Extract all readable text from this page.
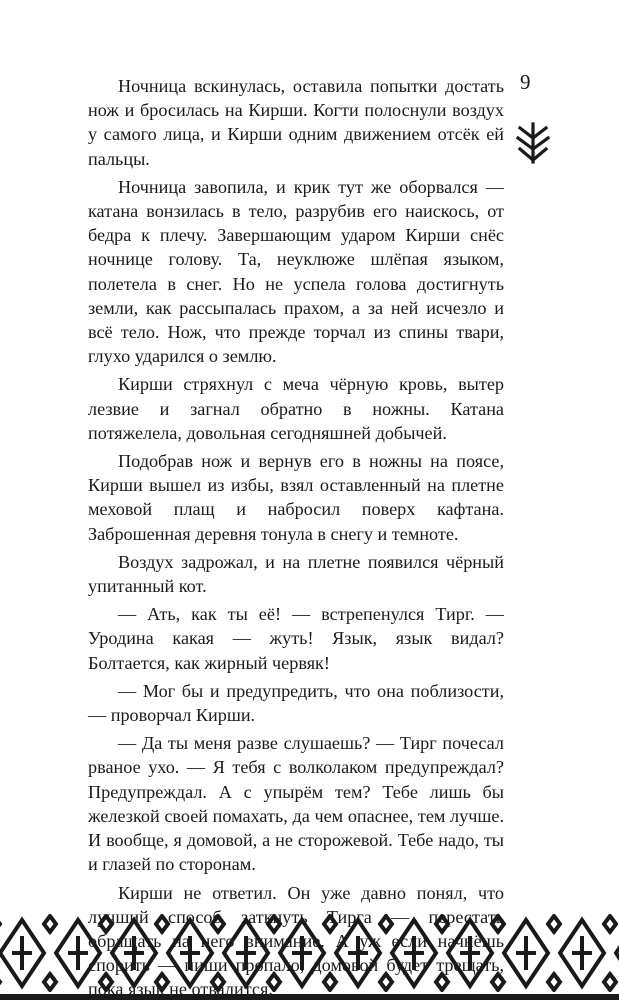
9

Ночница вскинулась, оставила попытки достать нож и бросилась на Кирши. Когти полоснули воздух у самого лица, и Кирши одним движением отсёк ей пальцы.

Ночница завопила, и крик тут же оборвался — катана вонзилась в тело, разрубив его наискось, от бедра к плечу. Завершающим ударом Кирши снёс ночнице голову. Та, неуклюже шлёпая языком, полетела в снег. Но не успела голова достигнуть земли, как рассыпалась прахом, а за ней исчезло и всё тело. Нож, что прежде торчал из спины твари, глухо ударился о землю.

Кирши стряхнул с меча чёрную кровь, вытер лезвие и загнал обратно в ножны. Катана потяжелела, довольная сегодняшней добычей.

Подобрав нож и вернув его в ножны на поясе, Кирши вышел из избы, взял оставленный на плетне меховой плащ и набросил поверх кафтана. Заброшенная деревня тонула в снегу и темноте.

Воздух задрожал, и на плетне появился чёрный упитанный кот.

— Ать, как ты её! — встрепенулся Тирг. — Уродина какая — жуть! Язык, язык видал? Болтается, как жирный червяк!

— Мог бы и предупредить, что она поблизости, — проворчал Кирши.

— Да ты меня разве слушаешь? — Тирг почесал рваное ухо. — Я тебя с волколаком предупреждал? Предупреждал. А с упырём тем? Тебе лишь бы железкой своей помахать, да чем опаснее, тем лучше. И вообще, я домовой, а не сторожевой. Тебе надо, ты и глазей по сторонам.

Кирши не ответил. Он уже давно понял, что
